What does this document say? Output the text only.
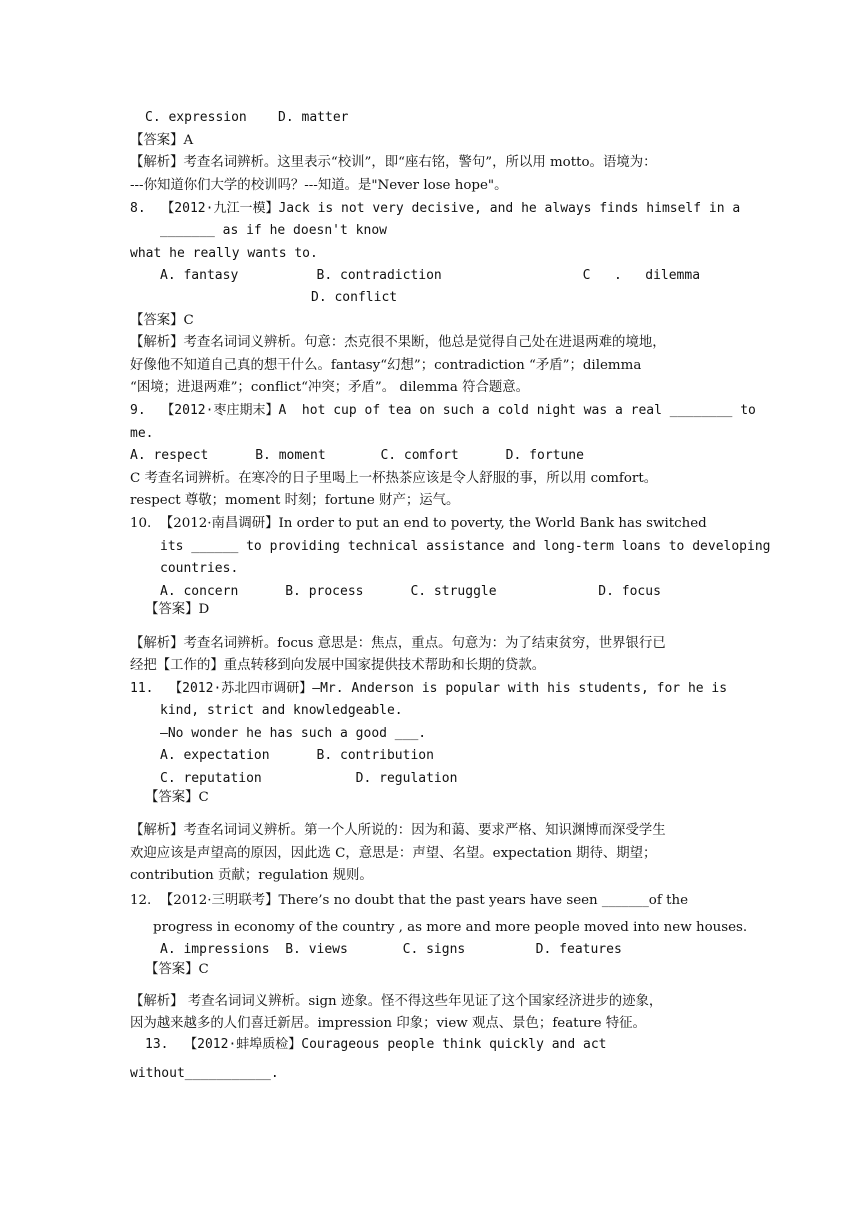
C. expression    D. matter
【答案】A
【解析】考查名词辨析。这里表示“校训”，即“座右铭，警句”，所以用 motto。语境为：
---你知道你们大学的校训吗？---知道。是"Never lose hope"。
8.  【2012·九江一模】Jack is not very decisive, and he always finds himself in a
_______ as if he doesn't know
what he really wants to.
A. fantasy          B. contradiction                  C   .   dilemma
D. conflict
【答案】C
【解析】考查名词词义辨析。句意：杰克很不果断，他总是觉得自己处在进退两难的境地，
好像他不知道自己真的想干什么。fantasy“幻想”；contradiction “矛盾”；dilemma
“困境；进退两难”；conflict“冲突；矛盾”。 dilemma 符合题意。
9.  【2012·枣庄期末】A  hot cup of tea on such a cold night was a real ________ to
me.
A. respect      B. moment       C. comfort      D. fortune
C 考查名词辨析。在寒冷的日子里喝上一杯热茶应该是令人舒服的事，所以用 comfort。
respect 尊敬；moment 时刻；fortune 财产；运气。
10.  【2012·南昌调研】In order to put an end to poverty, the World Bank has switched
its ______ to providing technical assistance and long-term loans to developing
countries.
A. concern      B. process      C. struggle             D. focus
【答案】D
【解析】考查名词辨析。focus 意思是：焦点，重点。句意为：为了结束贫穷，世界银行已
经把【工作的】重点转移到向发展中国家提供技术帮助和长期的贷款。
11.  【2012·苏北四市调研】—Mr. Anderson is popular with his students, for he is
kind, strict and knowledgeable.
—No wonder he has such a good ___.
A. expectation      B. contribution
C. reputation            D. regulation
【答案】C
【解析】考查名词词义辨析。第一个人所说的：因为和蔼、要求严格、知识渊博而深受学生
欢迎应该是声望高的原因，因此选 C，意思是：声望、名望。expectation 期待、期望；
contribution 贡献；regulation 规则。
12.  【2012·三明联考】There’s no doubt that the past years have seen _______of the
progress in economy of the country , as more and more people moved into new houses.
A. impressions  B. views       C. signs         D. features
【答案】C
【解析】 考查名词词义辨析。sign 迹象。怪不得这些年见证了这个国家经济进步的迹象，
因为越来越多的人们喜迁新居。impression 印象；view 观点、景色；feature 特征。
13.  【2012·蚌埠质检】Courageous people think quickly and act
without___________.
